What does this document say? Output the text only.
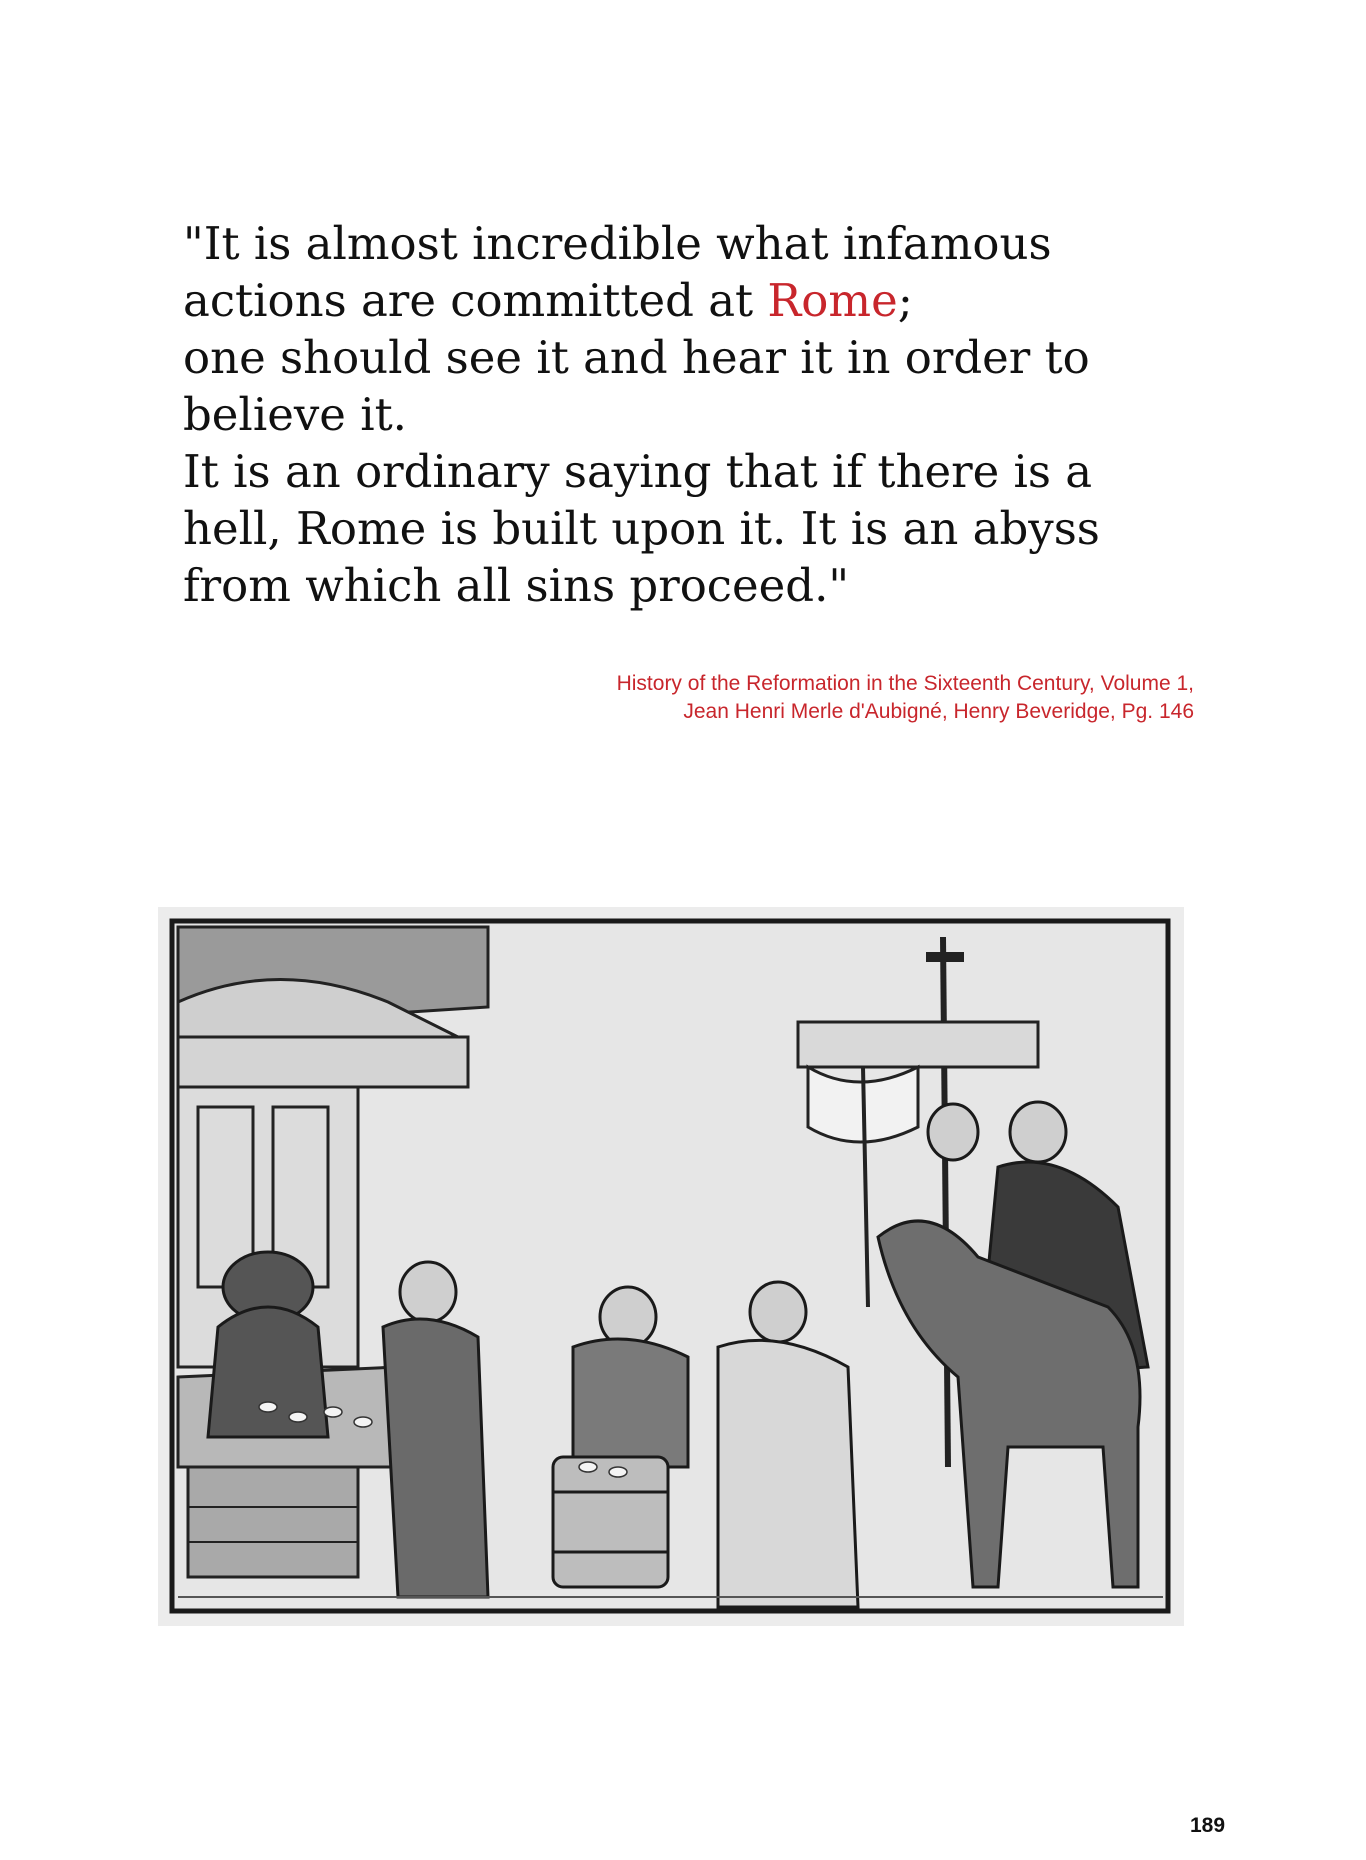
"It is almost incredible what infamous
actions are committed at Rome;
one should see it and hear it in order to
believe it.
It is an ordinary saying that if there is a
hell, Rome is built upon it. It is an abyss
from which all sins proceed."
History of the Reformation in the Sixteenth Century, Volume 1,
Jean Henri Merle d'Aubigné, Henry Beveridge, Pg. 146
189
